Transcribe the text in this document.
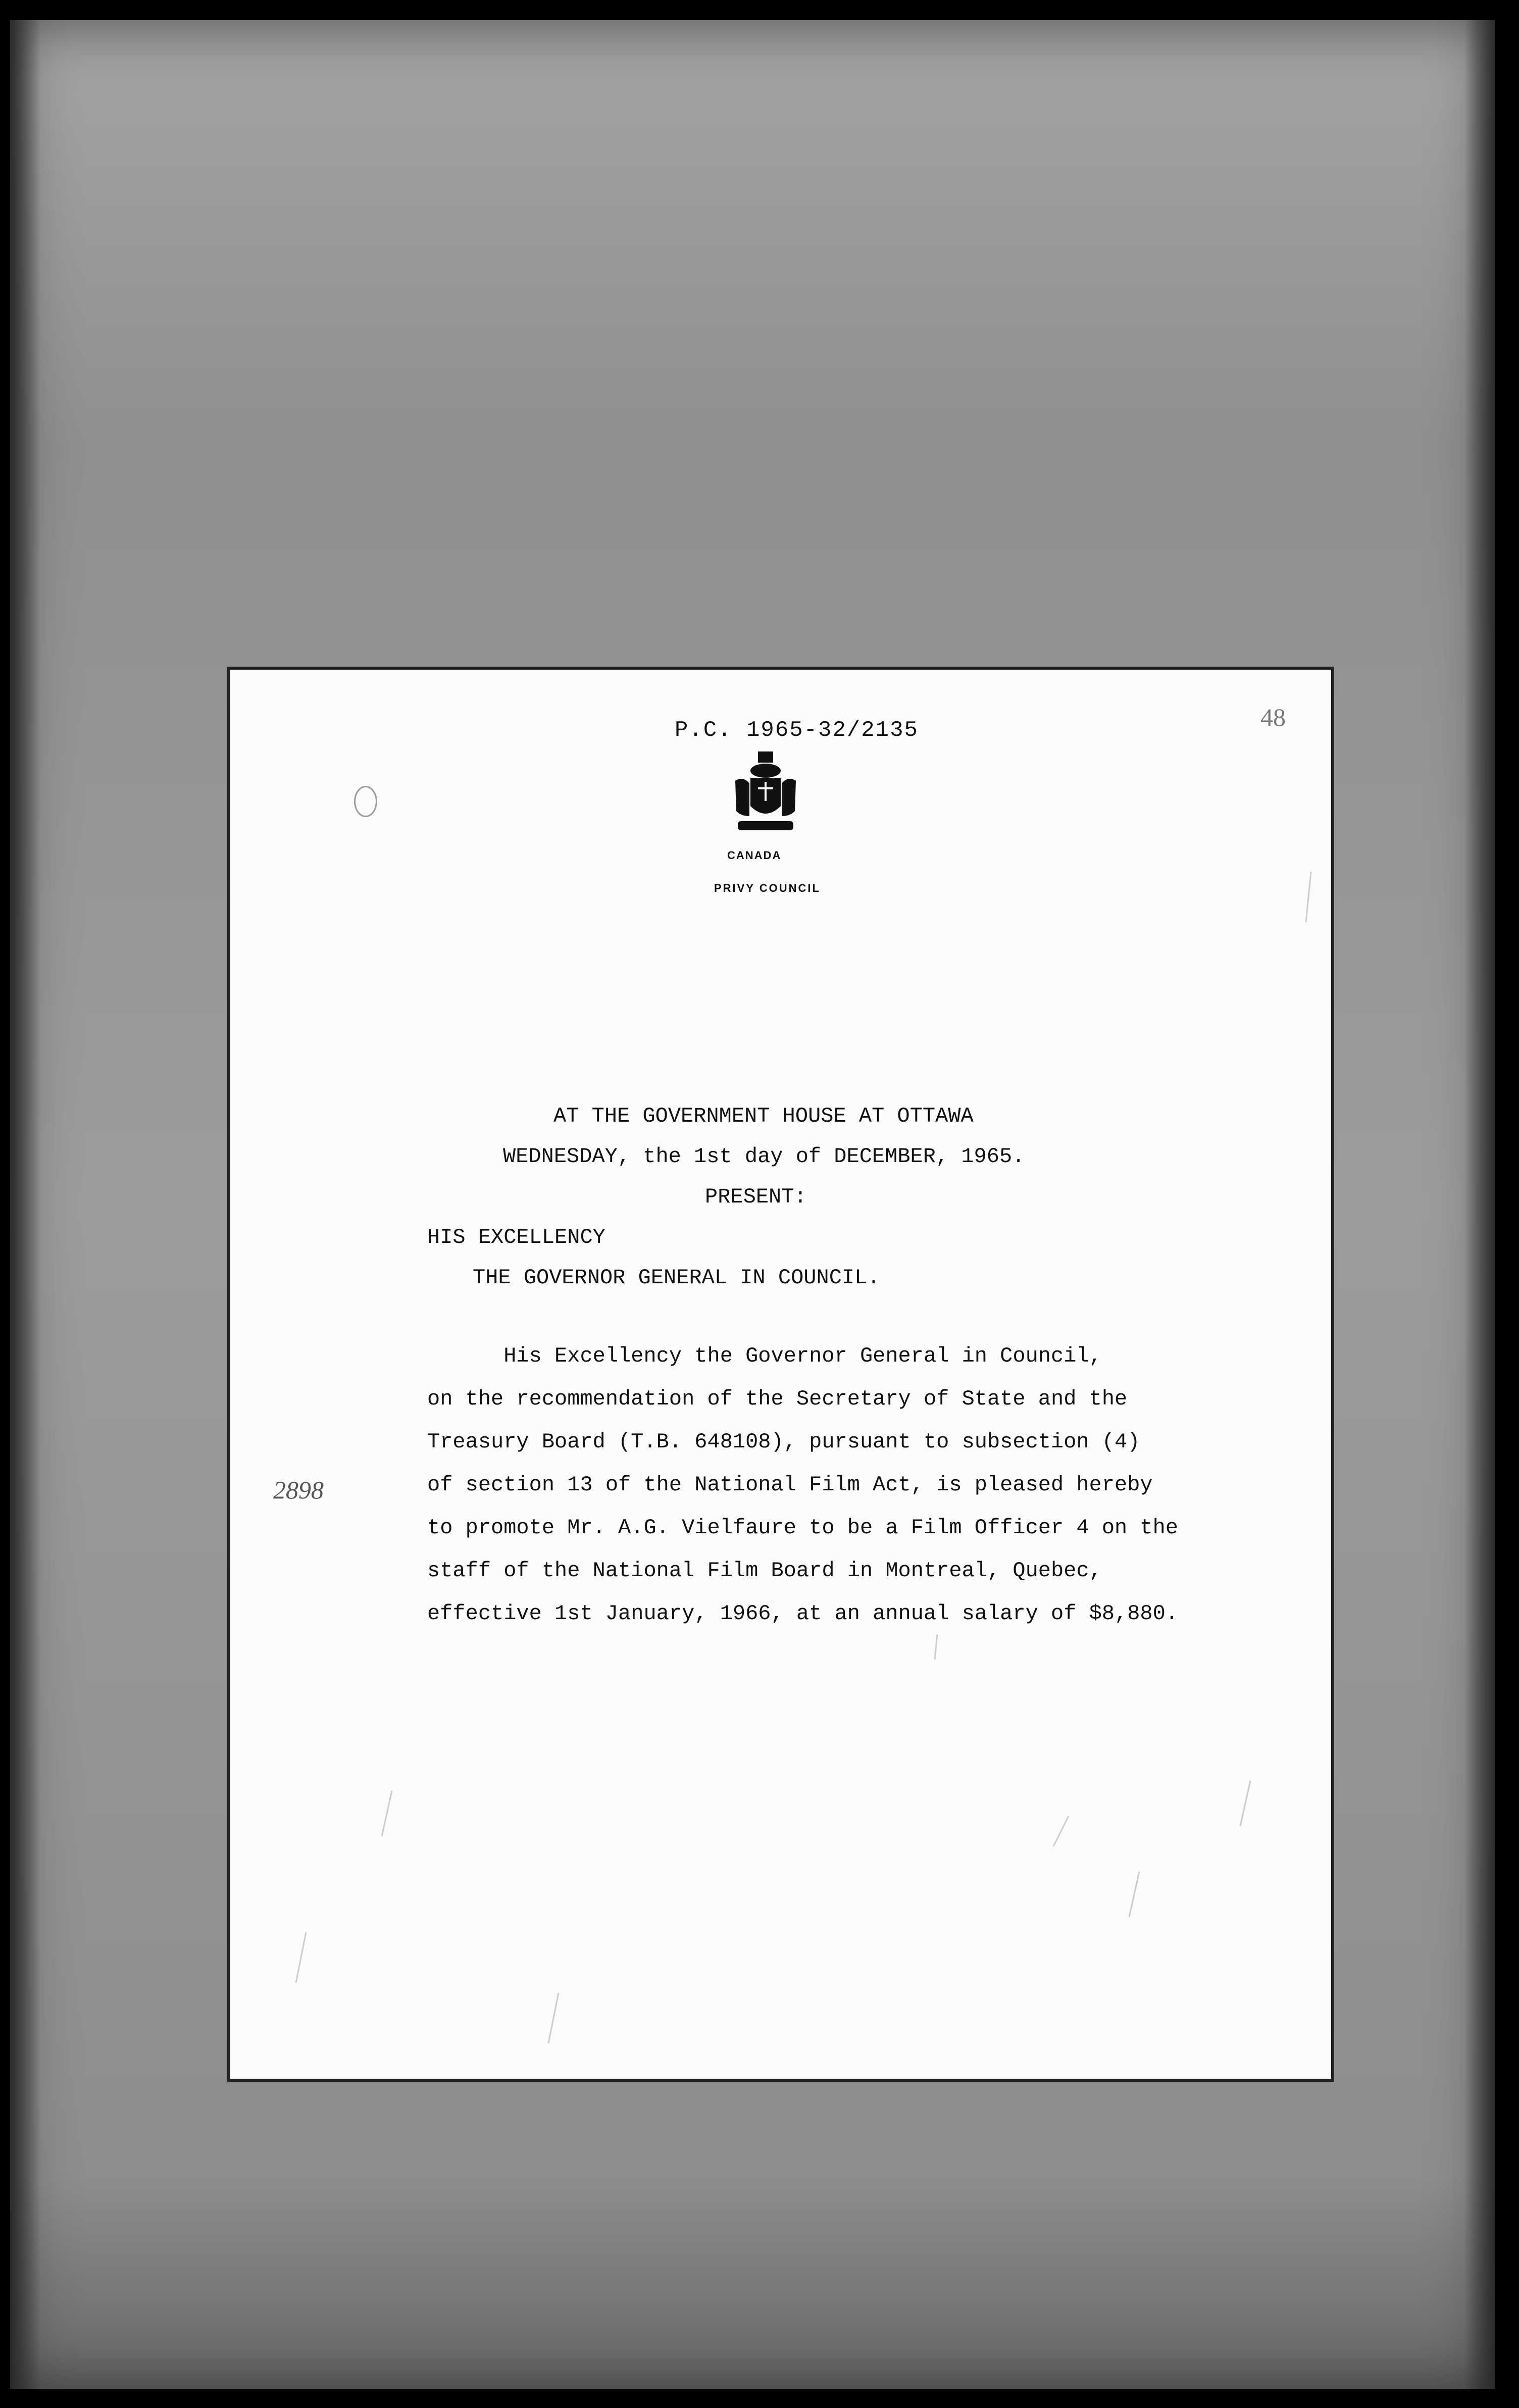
P.C. 1965-32/2135	48
CANADA
PRIVY COUNCIL
AT THE GOVERNMENT HOUSE AT OTTAWA
WEDNESDAY, the 1st day of DECEMBER, 1965.
PRESENT:
HIS EXCELLENCY
THE GOVERNOR GENERAL IN COUNCIL.
His Excellency the Governor General in Council,
on the recommendation of the Secretary of State and the
Treasury Board (T.B. 648108), pursuant to subsection (4)
of section 13 of the National Film Act, is pleased hereby
to promote Mr. A.G. Vielfaure to be a Film Officer 4 on the
staff of the National Film Board in Montreal, Quebec,
effective 1st January, 1966, at an annual salary of $8,880.
2898
